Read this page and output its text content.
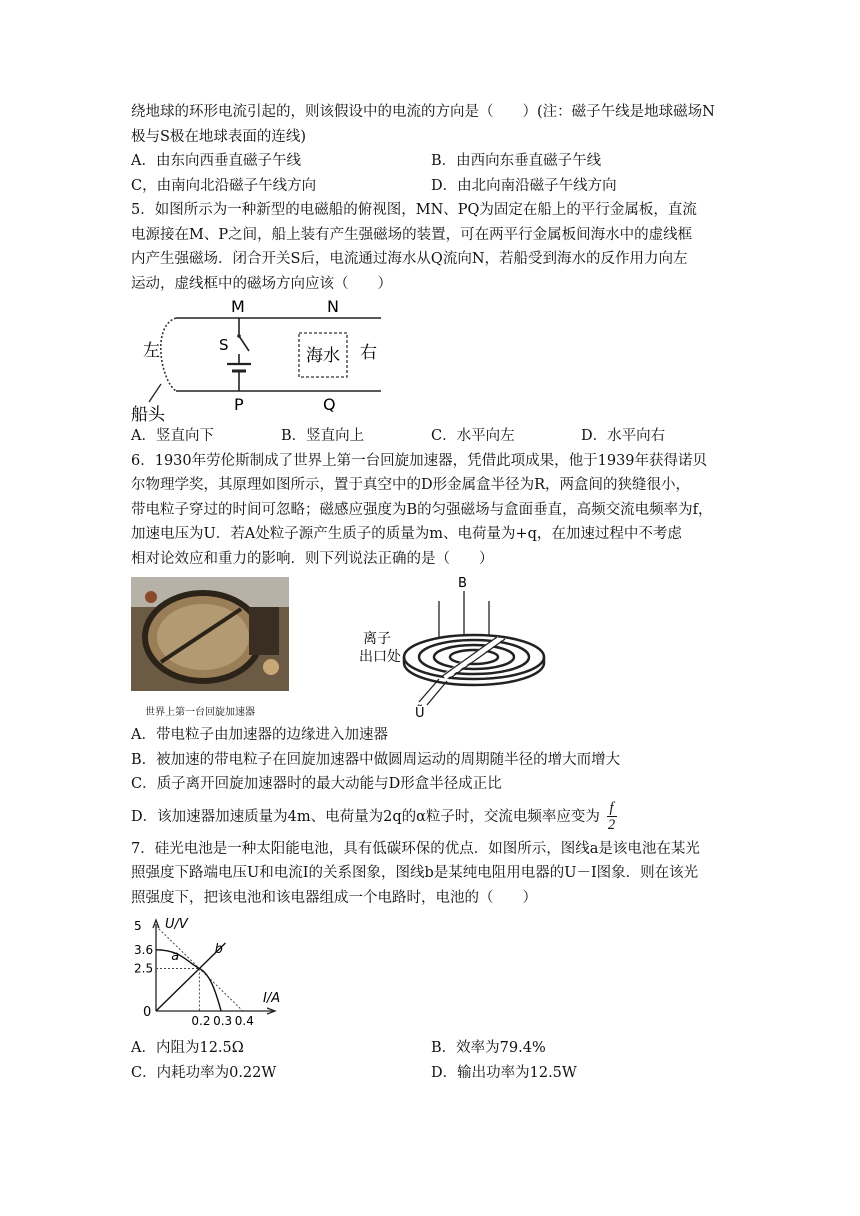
绕地球的环形电流引起的，则该假设中的电流的方向是（　　）(注：磁子午线是地球磁场N

极与S极在地球表面的连线)

A．由东向西垂直磁子午线	B．由西向东垂直磁子午线
C，由南向北沿磁子午线方向	D．由北向南沿磁子午线方向

5．如图所示为一种新型的电磁船的俯视图，MN、PQ为固定在船上的平行金属板，直流

电源接在M、P之间，船上装有产生强磁场的装置，可在两平行金属板间海水中的虚线框

内产生强磁场．闭合开关S后，电流通过海水从Q流向N，若船受到海水的反作用力向左

运动，虚线框中的磁场方向应该（　　）

M	N
S
P	Q
左	右
海水
船头
A．竖直向下	B．竖直向上	C．水平向左	D．水平向右

6．1930年劳伦斯制成了世界上第一台回旋加速器，凭借此项成果，他于1939年获得诺贝

尔物理学奖，其原理如图所示，置于真空中的D形金属盒半径为R，两盒间的狭缝很小，

带电粒子穿过的时间可忽略；磁感应强度为B的匀强磁场与盒面垂直，高频交流电频率为f，

加速电压为U．若A处粒子源产生质子的质量为m、电荷量为+q，在加速过程中不考虑

相对论效应和重力的影响．则下列说法正确的是（　　）

世界上第一台回旋加速器
B
离子
出口处
Ũ

A．带电粒子由加速器的边缘进入加速器

B．被加速的带电粒子在回旋加速器中做圆周运动的周期随半径的增大而增大

C．质子离开回旋加速器时的最大动能与D形盒半径成正比

D．该加速器加速质量为4m、电荷量为2q的α粒子时，交流电频率应变为 $\frac{f}{2}$

7．硅光电池是一种太阳能电池，具有低碳环保的优点．如图所示，图线a是该电池在某光

照强度下路端电压U和电流I的关系图象，图线b是某纯电阻用电器的U－I图象．则在该光

照强度下，把该电池和该电器组成一个电路时，电池的（　　）

a	b
0.2 0.3 0.4
2.5
3.6
5 U/V
I/A
0
A．内阻为12.5Ω	B．效率为79.4%
C．内耗功率为0.22W	D．输出功率为12.5W
